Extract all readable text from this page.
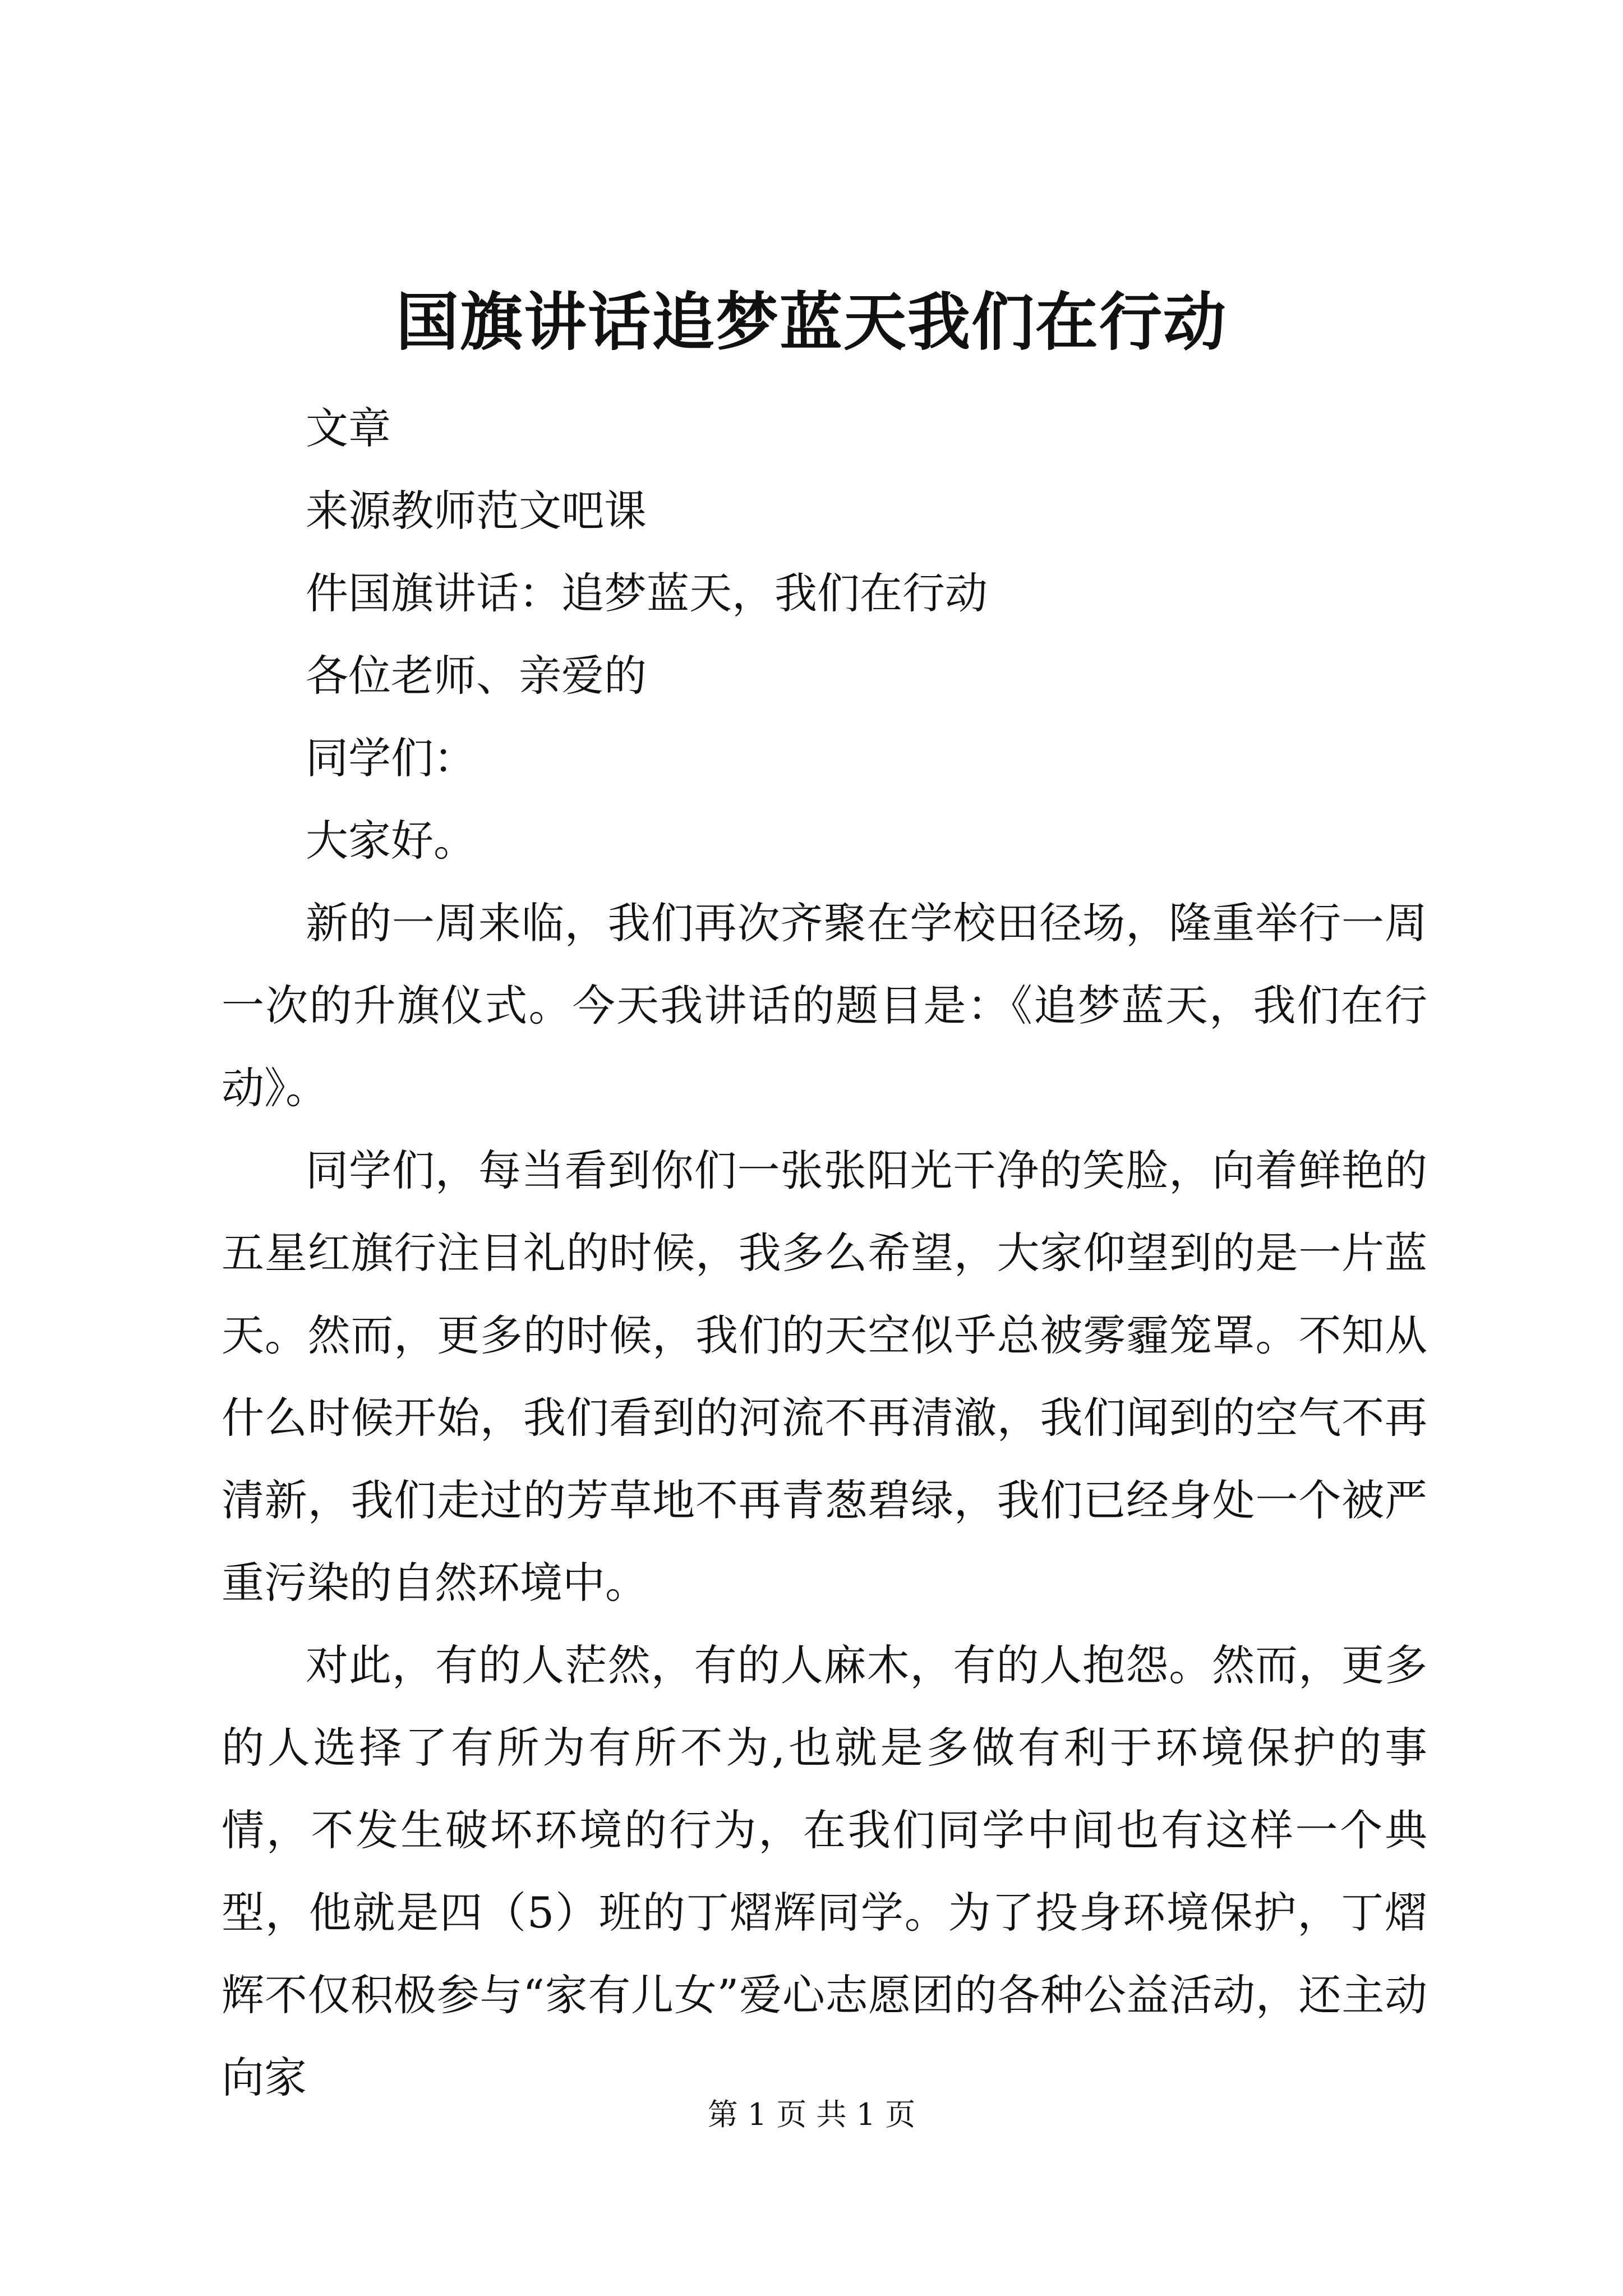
国旗讲话追梦蓝天我们在行动

文章

来源教师范文吧课

件国旗讲话：追梦蓝天，我们在行动

各位老师、亲爱的

同学们：

大家好。

新的一周来临，我们再次齐聚在学校田径场，隆重举行一周一次的升旗仪式。今天我讲话的题目是：《追梦蓝天，我们在行动》。

同学们，每当看到你们一张张阳光干净的笑脸，向着鲜艳的五星红旗行注目礼的时候，我多么希望，大家仰望到的是一片蓝天。然而，更多的时候，我们的天空似乎总被雾霾笼罩。不知从什么时候开始，我们看到的河流不再清澈，我们闻到的空气不再清新，我们走过的芳草地不再青葱碧绿，我们已经身处一个被严重污染的自然环境中。

对此，有的人茫然，有的人麻木，有的人抱怨。然而，更多的人选择了有所为有所不为,也就是多做有利于环境保护的事情，不发生破坏环境的行为，在我们同学中间也有这样一个典型，他就是四（5）班的丁熠辉同学。为了投身环境保护，丁熠辉不仅积极参与“家有儿女”爱心志愿团的各种公益活动，还主动向家

第 1 页 共 1 页
